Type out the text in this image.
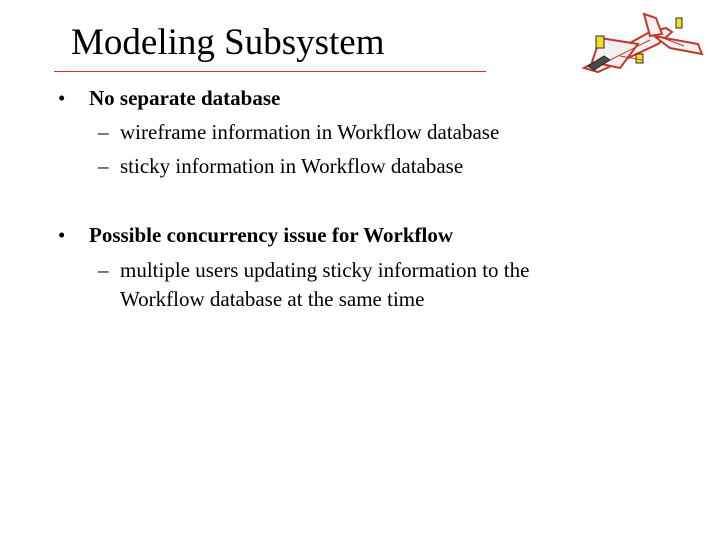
Modeling Subsystem
• No separate database
– wireframe information in Workflow database
– sticky information in Workflow database
• Possible concurrency issue for Workflow
– multiple users updating sticky information to the
Workflow database at the same time
